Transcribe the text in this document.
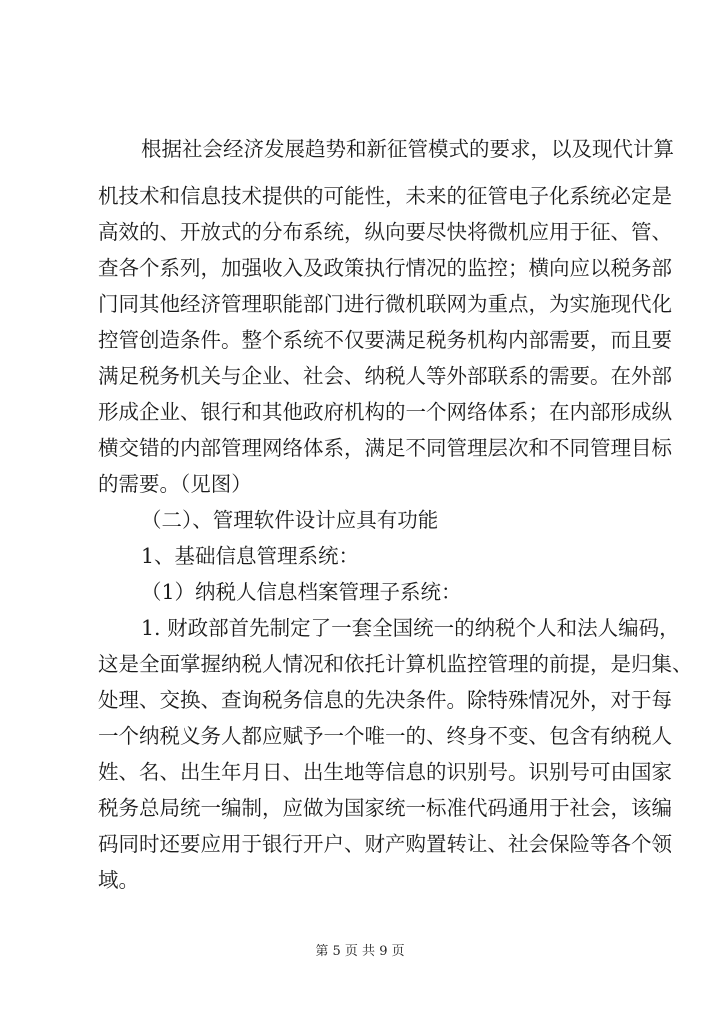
根据社会经济发展趋势和新征管模式的要求，以及现代计算
机技术和信息技术提供的可能性，未来的征管电子化系统必定是
高效的、开放式的分布系统，纵向要尽快将微机应用于征、管、
查各个系列，加强收入及政策执行情况的监控；横向应以税务部
门同其他经济管理职能部门进行微机联网为重点，为实施现代化
控管创造条件。整个系统不仅要满足税务机构内部需要，而且要
满足税务机关与企业、社会、纳税人等外部联系的需要。在外部
形成企业、银行和其他政府机构的一个网络体系；在内部形成纵
横交错的内部管理网络体系，满足不同管理层次和不同管理目标
的需要。（见图）
（二）、管理软件设计应具有功能
1、基础信息管理系统：
（1）纳税人信息档案管理子系统：
1. 财政部首先制定了一套全国统一的纳税个人和法人编码，
这是全面掌握纳税人情况和依托计算机监控管理的前提，是归集、
处理、交换、查询税务信息的先决条件。除特殊情况外，对于每
一个纳税义务人都应赋予一个唯一的、终身不变、包含有纳税人
姓、名、出生年月日、出生地等信息的识别号。识别号可由国家
税务总局统一编制，应做为国家统一标准代码通用于社会，该编
码同时还要应用于银行开户、财产购置转让、社会保险等各个领
域。
第 5 页 共 9 页
